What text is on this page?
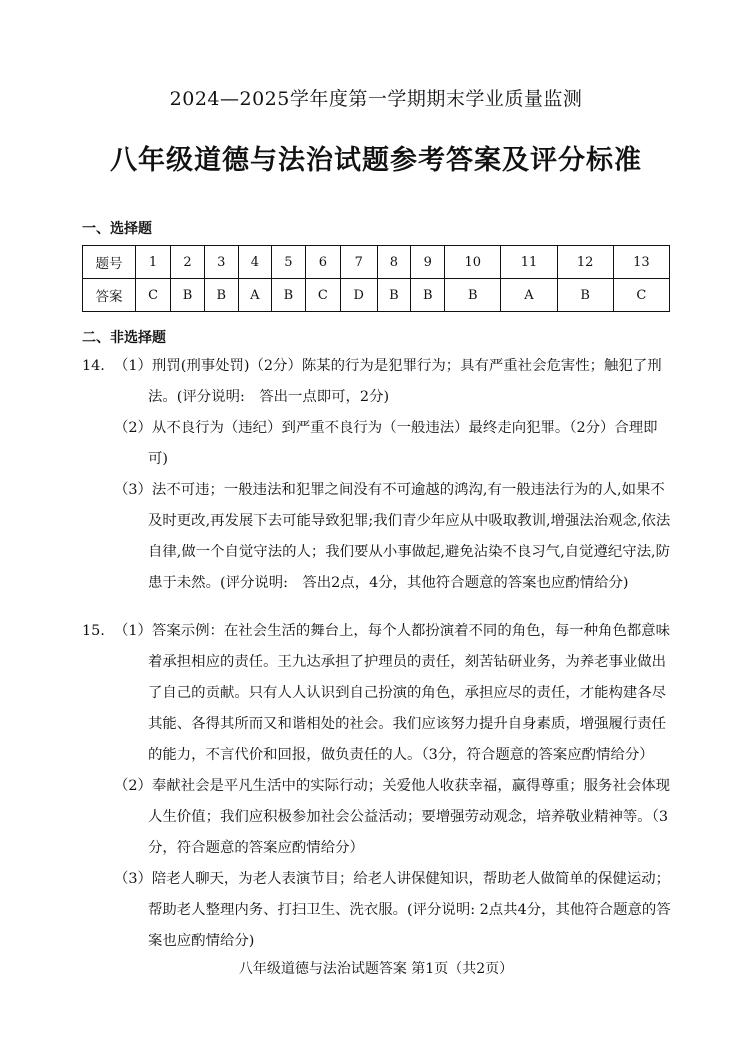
2024—2025学年度第一学期期末学业质量监测
八年级道德与法治试题参考答案及评分标准
一、选择题
题号	1	2	3	4	5	6	7	8	9	10	11	12	13
答案	C	B	B	A	B	C	D	B	B	B	A	B	C
二、非选择题
14. （1）刑罚(刑事处罚)（2分）陈某的行为是犯罪行为；具有严重社会危害性；触犯了刑法。(评分说明:　答出一点即可，2分)
（2）从不良行为（违纪）到严重不良行为（一般违法）最终走向犯罪。（2分）合理即可)
（3）法不可违；一般违法和犯罪之间没有不可逾越的鸿沟,有一般违法行为的人,如果不及时更改,再发展下去可能导致犯罪;我们青少年应从中吸取教训,增强法治观念,依法自律,做一个自觉守法的人；我们要从小事做起,避免沾染不良习气,自觉遵纪守法,防患于未然。(评分说明:　答出2点，4分，其他符合题意的答案也应酌情给分)
15. （1）答案示例：在社会生活的舞台上，每个人都扮演着不同的角色，每一种角色都意味着承担相应的责任。王九达承担了护理员的责任，刻苦钻研业务，为养老事业做出了自己的贡献。只有人人认识到自己扮演的角色，承担应尽的责任，才能构建各尽其能、各得其所而又和谐相处的社会。我们应该努力提升自身素质，增强履行责任的能力，不言代价和回报，做负责任的人。（3分，符合题意的答案应酌情给分）
（2）奉献社会是平凡生活中的实际行动；关爱他人收获幸福，赢得尊重；服务社会体现人生价值；我们应积极参加社会公益活动；要增强劳动观念，培养敬业精神等。（3分，符合题意的答案应酌情给分）
（3）陪老人聊天，为老人表演节目；给老人讲保健知识，帮助老人做简单的保健运动；帮助老人整理内务、打扫卫生、洗衣服。(评分说明: 2点共4分，其他符合题意的答案也应酌情给分)
八年级道德与法治试题答案 第1页（共2页）
